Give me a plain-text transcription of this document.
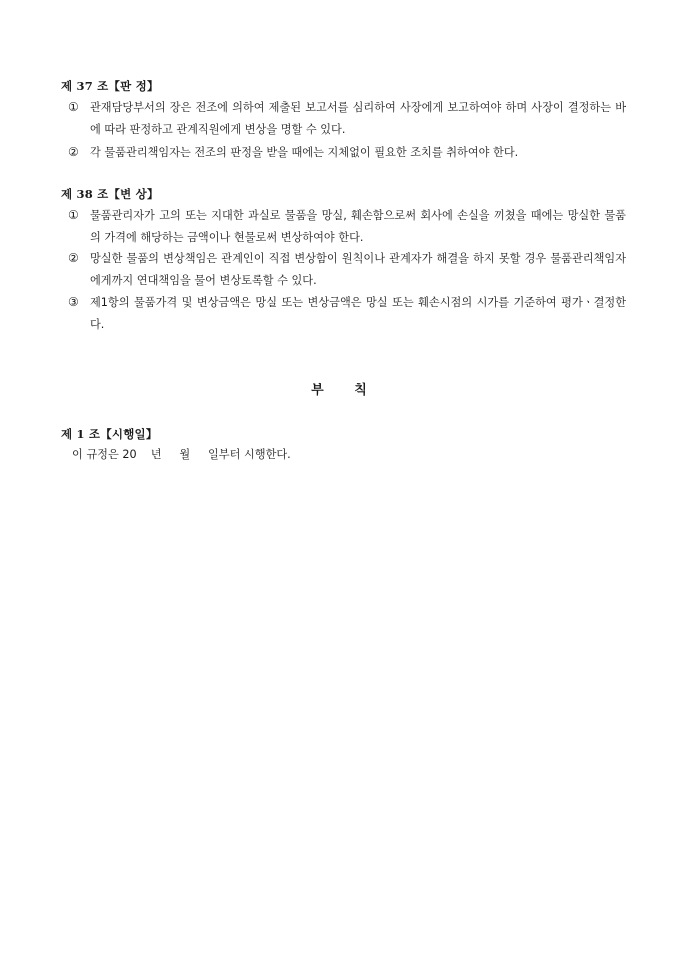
제 37 조【판 정】
①	관재담당부서의 장은 전조에 의하여 제출된 보고서를 심리하여 사장에게 보고하여야 하며 사장이 결정하는 바에 따라 판정하고 관계직원에게 변상을 명할 수 있다.
②	각 물품관리책임자는 전조의 판정을 받을 때에는 지체없이 필요한 조치를 취하여야 한다.
제 38 조【변 상】
①	물품관리자가 고의 또는 지대한 과실로 물품을 망실, 훼손함으로써 회사에 손실을 끼쳤을 때에는 망실한 물품의 가격에 해당하는 금액이나 현물로써 변상하여야 한다.
②	망실한 물품의 변상책임은 관계인이 직접 변상함이 원칙이나 관계자가 해결을 하지 못할 경우 물품관리책임자에게까지 연대책임을 물어 변상토록할 수 있다.
③	제1항의 물품가격 및 변상금액은 망실 또는 변상금액은 망실 또는 훼손시점의 시가를 기준하여 평가ㆍ결정한다.
부 칙
제 1 조【시행일】
이 규정은 20    년     월     일부터 시행한다.
